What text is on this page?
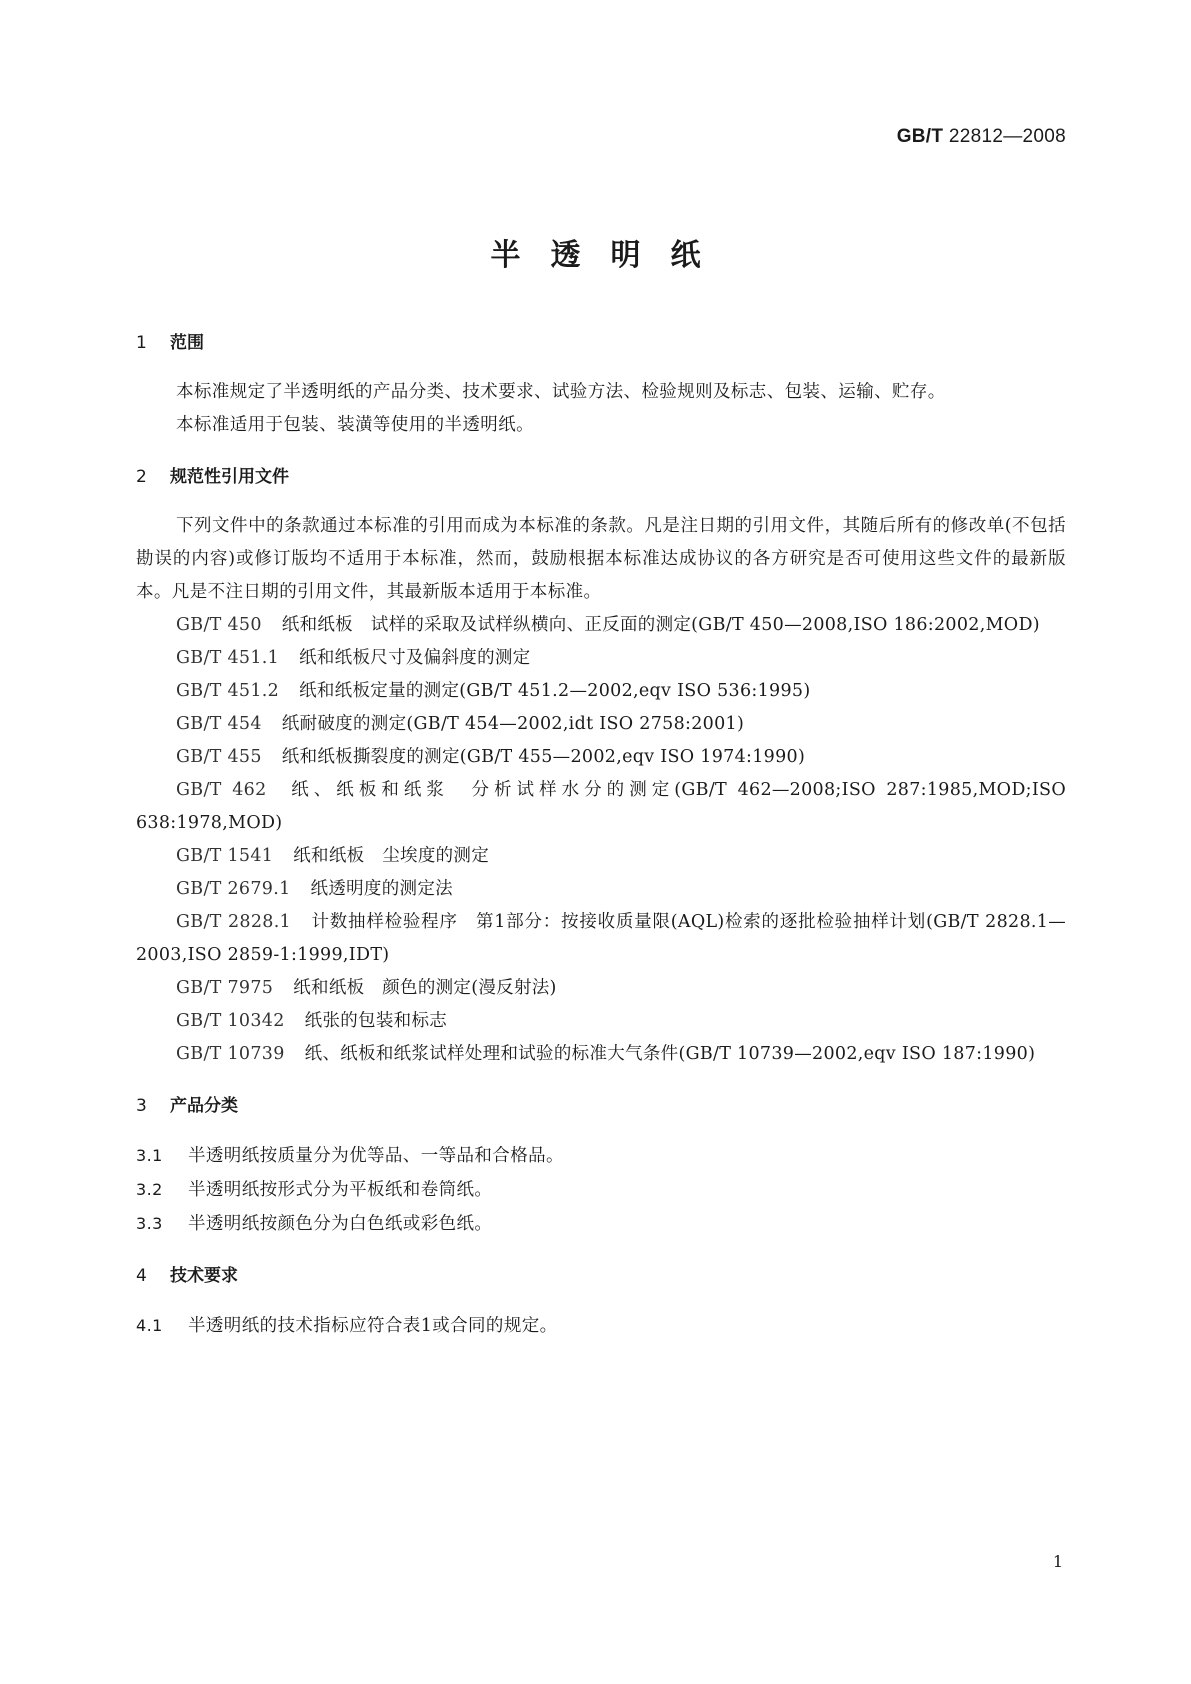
GB/T 22812—2008
半透明纸
1 范围

本标准规定了半透明纸的产品分类、技术要求、试验方法、检验规则及标志、包装、运输、贮存。

本标准适用于包装、装潢等使用的半透明纸。

2 规范性引用文件

下列文件中的条款通过本标准的引用而成为本标准的条款。凡是注日期的引用文件，其随后所有的修改单(不包括勘误的内容)或修订版均不适用于本标准，然而，鼓励根据本标准达成协议的各方研究是否可使用这些文件的最新版本。凡是不注日期的引用文件，其最新版本适用于本标准。

GB/T 450 纸和纸板　试样的采取及试样纵横向、正反面的测定(GB/T 450—2008,ISO 186:2002,MOD)

GB/T 451.1 纸和纸板尺寸及偏斜度的测定

GB/T 451.2 纸和纸板定量的测定(GB/T 451.2—2002,eqv ISO 536:1995)

GB/T 454 纸耐破度的测定(GB/T 454—2002,idt ISO 2758:2001)

GB/T 455 纸和纸板撕裂度的测定(GB/T 455—2002,eqv ISO 1974:1990)

GB/T 462 纸、纸板和纸浆　分析试样水分的测定(GB/T 462—2008;ISO 287:1985,MOD;ISO 638:1978,MOD)

GB/T 1541 纸和纸板　尘埃度的测定

GB/T 2679.1 纸透明度的测定法

GB/T 2828.1 计数抽样检验程序　第1部分：按接收质量限(AQL)检索的逐批检验抽样计划(GB/T 2828.1—2003,ISO 2859-1:1999,IDT)

GB/T 7975 纸和纸板　颜色的测定(漫反射法)

GB/T 10342 纸张的包装和标志

GB/T 10739 纸、纸板和纸浆试样处理和试验的标准大气条件(GB/T 10739—2002,eqv ISO 187:1990)

3 产品分类

3.1 半透明纸按质量分为优等品、一等品和合格品。

3.2 半透明纸按形式分为平板纸和卷筒纸。

3.3 半透明纸按颜色分为白色纸或彩色纸。

4 技术要求

4.1 半透明纸的技术指标应符合表1或合同的规定。

1
